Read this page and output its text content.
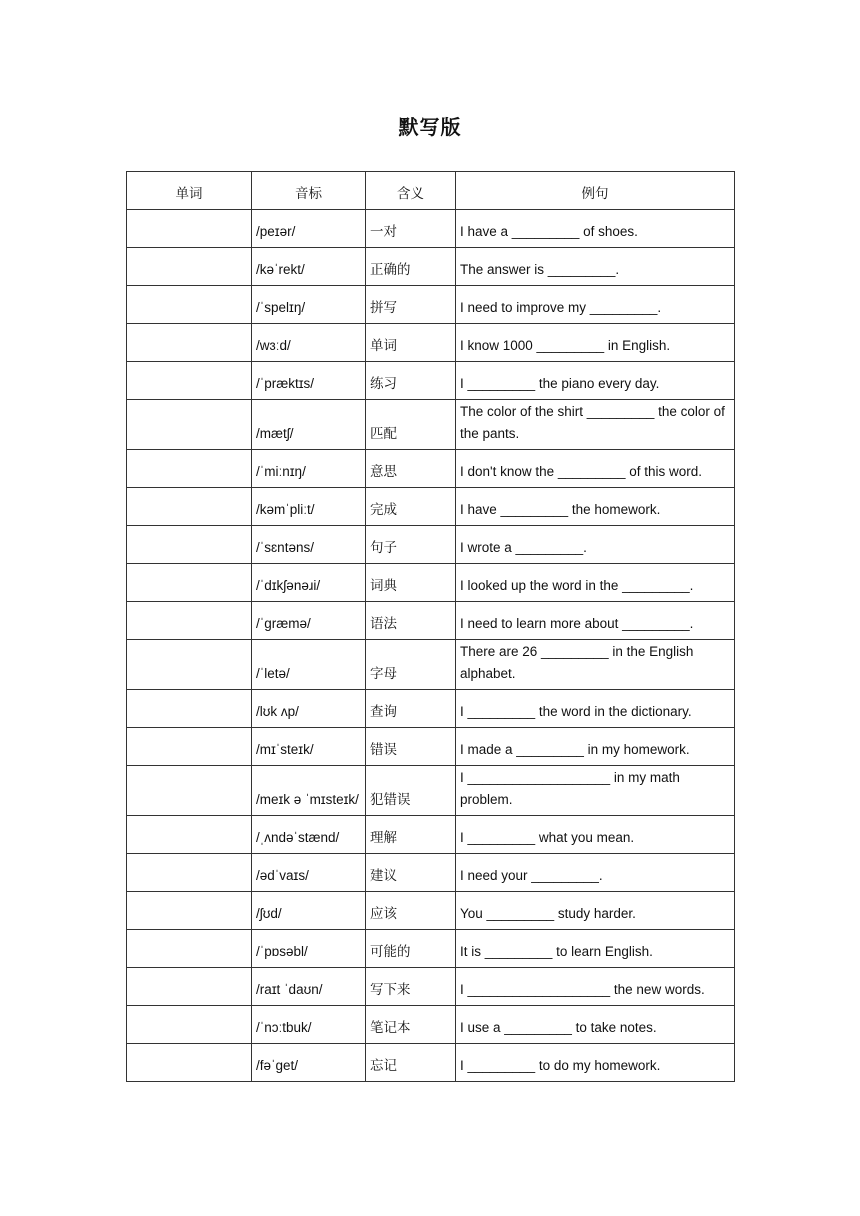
默写版
单词	音标	含义	例句
	/peɪər/	一对	I have a _________ of shoes.
	/kəˈrekt/	正确的	The answer is _________.
	/ˈspelɪŋ/	拼写	I need to improve my _________.
	/wɜːd/	单词	I know 1000 _________ in English.
	/ˈpræktɪs/	练习	I _________ the piano every day.
	/mætʃ/	匹配	The color of the shirt _________ the color of the pants.
	/ˈmiːnɪŋ/	意思	I don't know the _________ of this word.
	/kəmˈpliːt/	完成	I have _________ the homework.
	/ˈsɛntəns/	句子	I wrote a _________.
	/ˈdɪkʃənəɹi/	词典	I looked up the word in the _________.
	/ˈɡræmə/	语法	I need to learn more about _________.
	/ˈletə/	字母	There are 26 _________ in the English alphabet.
	/lʊk ʌp/	查询	I _________ the word in the dictionary.
	/mɪˈsteɪk/	错误	I made a _________ in my homework.
	/meɪk ə ˈmɪsteɪk/	犯错误	I ___________________ in my math problem.
	/ˌʌndəˈstænd/	理解	I _________ what you mean.
	/ədˈvaɪs/	建议	I need your _________.
	/ʃʊd/	应该	You _________ study harder.
	/ˈpɒsəbl/	可能的	It is _________ to learn English.
	/raɪt ˈdaʊn/	写下来	I ___________________ the new words.
	/ˈnɔːtbuk/	笔记本	I use a _________ to take notes.
	/fəˈget/	忘记	I _________ to do my homework.
